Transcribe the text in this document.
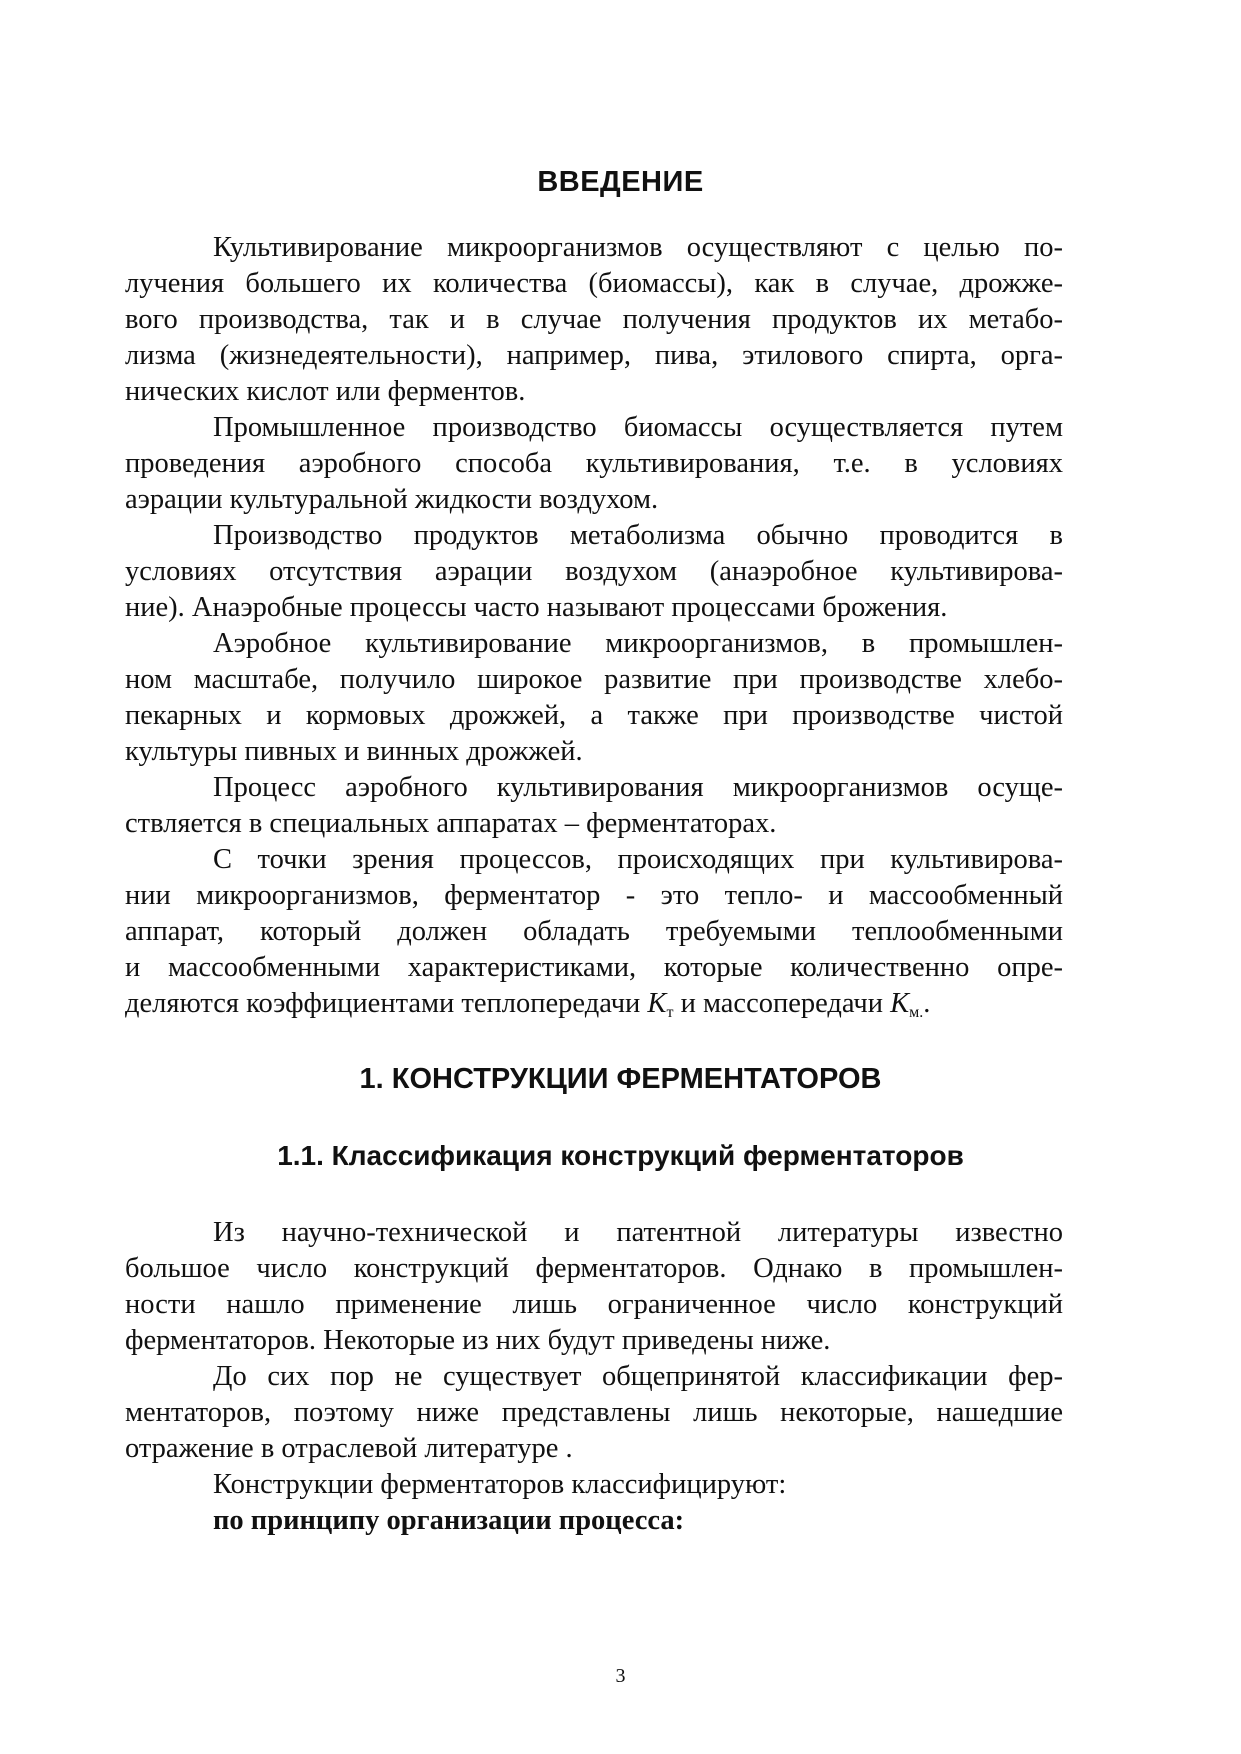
ВВЕДЕНИЕ
Культивирование микроорганизмов осуществляют с целью по-
лучения большего их количества (биомассы), как в случае, дрожже-
вого производства, так и в случае получения продуктов их метабо-
лизма (жизнедеятельности), например, пива, этилового спирта, орга-
нических кислот или ферментов.
Промышленное производство биомассы осуществляется путем
проведения аэробного способа культивирования, т.е. в условиях
аэрации культуральной жидкости воздухом.
Производство продуктов метаболизма обычно проводится в
условиях отсутствия аэрации воздухом (анаэробное культивирова-
ние). Анаэробные процессы часто называют процессами брожения.
Аэробное культивирование микроорганизмов, в промышлен-
ном масштабе, получило широкое развитие при производстве хлебо-
пекарных и кормовых дрожжей, а также при производстве чистой
культуры пивных и винных дрожжей.
Процесс аэробного культивирования микроорганизмов осуще-
ствляется в специальных аппаратах – ферментаторах.
С точки зрения процессов, происходящих при культивирова-
нии микроорганизмов, ферментатор - это тепло- и массообменный
аппарат, который должен обладать требуемыми теплообменными
и массообменными характеристиками, которые количественно опре-
деляются коэффициентами теплопередачи $K_т$ и массопередачи $K_{м.}$.
1. КОНСТРУКЦИИ ФЕРМЕНТАТОРОВ
1.1. Классификация конструкций ферментаторов
Из научно-технической и патентной литературы известно
большое число конструкций ферментаторов. Однако в промышлен-
ности нашло применение лишь ограниченное число конструкций
ферментаторов. Некоторые из них будут приведены ниже.
До сих пор не существует общепринятой классификации фер-
ментаторов, поэтому ниже представлены лишь некоторые, нашедшие
отражение в отраслевой литературе .
Конструкции ферментаторов классифицируют:
по принципу организации процесса:
3
